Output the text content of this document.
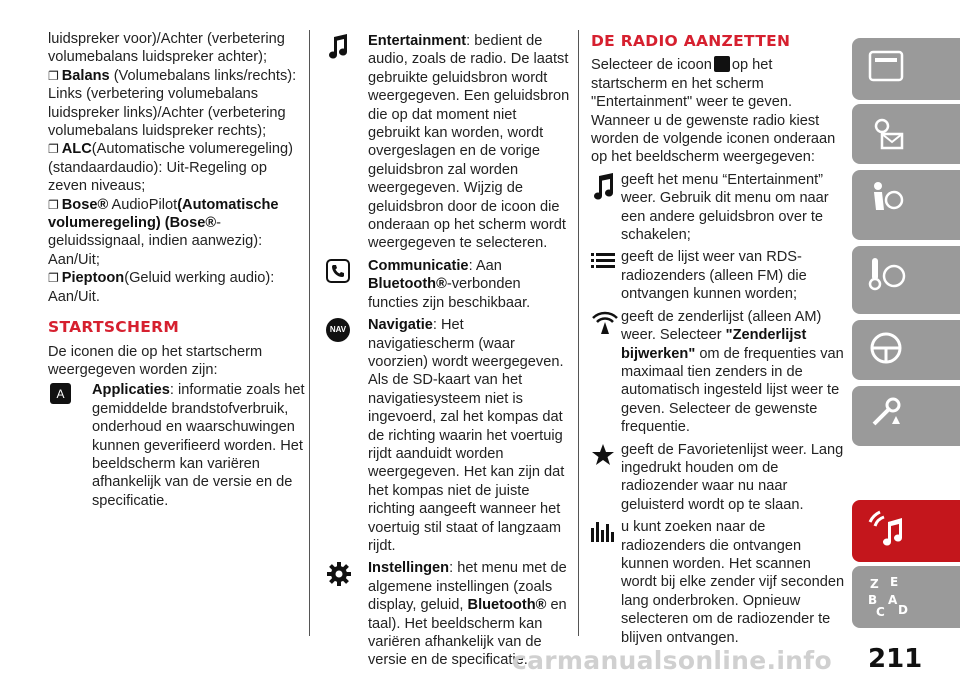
luidspreker voor)/Achter (verbetering volumebalans luidspreker achter);

❐ Balans (Volumebalans links/rechts): Links (verbetering volumebalans luidspreker links)/Achter (verbetering volumebalans luidspreker rechts);

❐ ALC(Automatische volumeregeling) (standaardaudio): Uit-Regeling op zeven niveaus;

❐ Bose® AudioPilot(Automatische volumeregeling) (Bose®- geluidssignaal, indien aanwezig): Aan/Uit;

❐ Pieptoon(Geluid werking audio): Aan/Uit.

STARTSCHERM

De iconen die op het startscherm weergegeven worden zijn:

A	Applicaties: informatie zoals het gemiddelde brandstofverbruik, onderhoud en waarschuwingen kunnen geverifieerd worden. Het beeldscherm kan variëren afhankelijk van de versie en de specificatie.
Entertainment: bedient de audio, zoals de radio. De laatst gebruikte geluidsbron wordt weergegeven. Een geluidsbron die op dat moment niet gebruikt kan worden, wordt overgeslagen en de vorige geluidsbron zal worden weergegeven. Wijzig de geluidsbron door de icoon die onderaan op het scherm wordt weergegeven te selecteren.
Communicatie: Aan
Bluetooth®-verbonden functies zijn beschikbaar.
NAV Navigatie: Het navigatiescherm (waar voorzien) wordt weergegeven. Als de SD-kaart van het navigatiesysteem niet is ingevoerd, zal het kompas dat de richting waarin het voertuig rijdt aanduidt worden weergegeven. Het kan zijn dat het kompas niet de juiste richting aangeeft wanneer het voertuig stil staat of langzaam rijdt.
Instellingen: het menu met de algemene instellingen (zoals display, geluid, Bluetooth® en taal). Het beeldscherm kan variëren afhankelijk van de versie en de specificatie.
DE RADIO AANZETTEN

Selecteer de icoon op het startscherm en het scherm "Entertainment" weer te geven. Wanneer u de gewenste radio kiest worden de volgende iconen onderaan op het beeldscherm weergegeven:

geeft het menu “Entertainment” weer. Gebruik dit menu om naar een andere geluidsbron over te schakelen;
geeft de lijst weer van RDS-radiozenders (alleen FM) die ontvangen kunnen worden;
geeft de zenderlijst (alleen AM) weer. Selecteer "Zenderlijst bijwerken" om de frequenties van maximaal tien zenders in de automatisch ingesteld lijst weer te geven. Selecteer de gewenste frequentie.
geeft de Favorietenlijst weer. Lang ingedrukt houden om de radiozender waar nu naar geluisterd wordt op te slaan.
u kunt zoeken naar de radiozenders die ontvangen kunnen worden. Het scannen wordt bij elke zender vijf seconden lang onderbroken. Opnieuw selecteren om de radiozender te blijven ontvangen.
Z E
B A
C D
211
carmanualsonline.info
